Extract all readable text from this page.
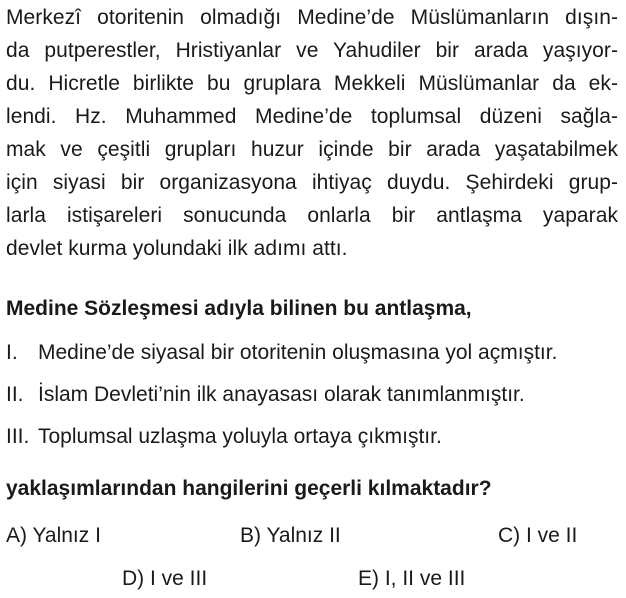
Merkezî otoritenin olmadığı Medine’de Müslümanların dışın-
da putperestler, Hristiyanlar ve Yahudiler bir arada yaşıyor-
du. Hicretle birlikte bu gruplara Mekkeli Müslümanlar da ek-
lendi. Hz. Muhammed Medine’de toplumsal düzeni sağla-
mak ve çeşitli grupları huzur içinde bir arada yaşatabilmek
için siyasi bir organizasyona ihtiyaç duydu. Şehirdeki grup-
larla istişareleri sonucunda onlarla bir antlaşma yaparak
devlet kurma yolundaki ilk adımı attı.
Medine Sözleşmesi adıyla bilinen bu antlaşma,
I. Medine’de siyasal bir otoritenin oluşmasına yol açmıştır.
II. İslam Devleti’nin ilk anayasası olarak tanımlanmıştır.
III. Toplumsal uzlaşma yoluyla ortaya çıkmıştır.
yaklaşımlarından hangilerini geçerli kılmaktadır?
A) Yalnız I	B) Yalnız II	C) I ve II
D) I ve III	E) I, II ve III
